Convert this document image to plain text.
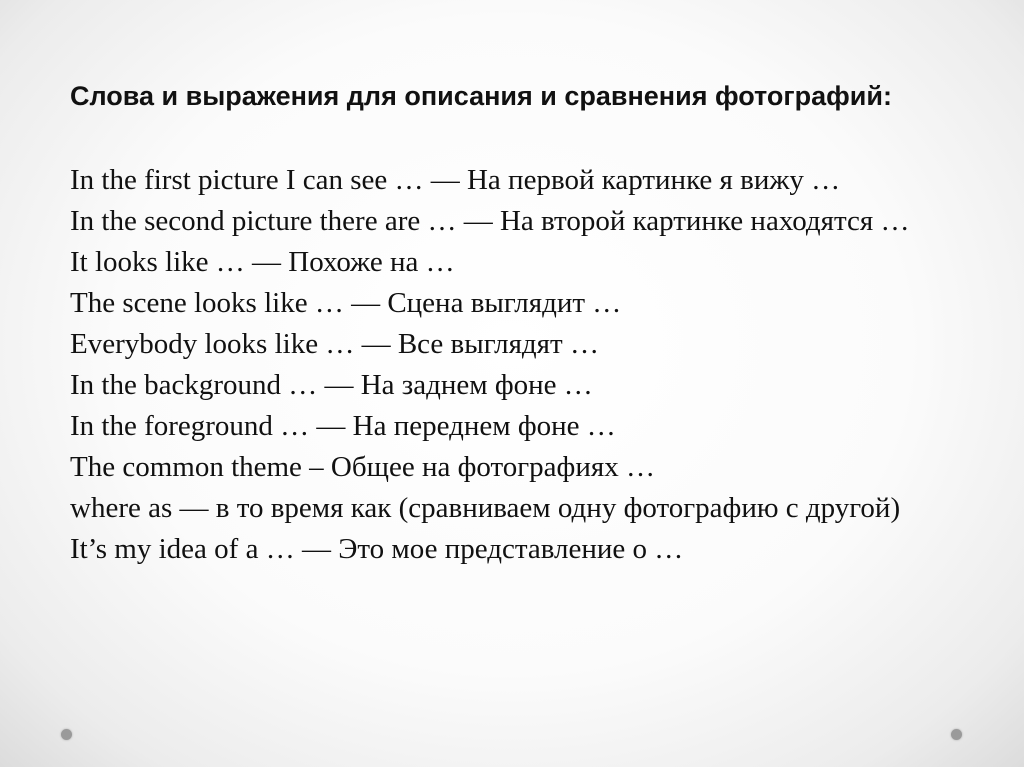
Слова и выражения для описания и сравнения фотографий:

In the first picture I can see … — На первой картинке я вижу …

In the second picture there are … — На второй картинке находятся …

It looks like … — Похоже на …

The scene looks like … — Сцена выглядит …

Everybody looks like … — Все выглядят …

In the background … — На заднем фоне …

In the foreground … — На переднем фоне …

The common theme – Общее на фотографиях …

where as — в то время как (сравниваем одну фотографию с другой)

It’s my idea of a … — Это мое представление о …
